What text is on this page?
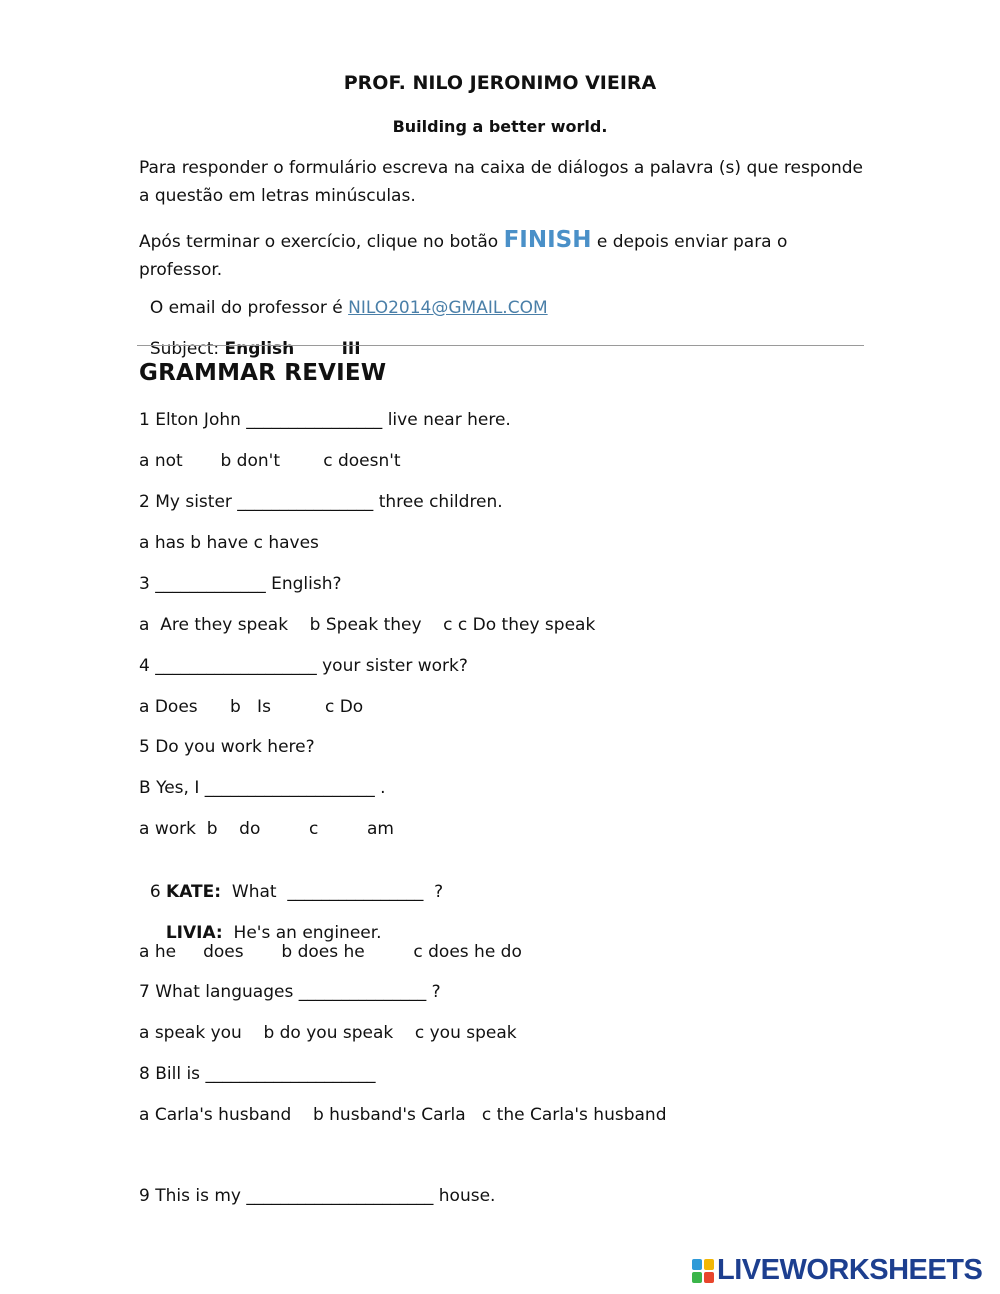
PROF. NILO JERONIMO VIEIRA
Building a better world.
Para responder o formulário escreva na caixa de diálogos a palavra (s) que responde a questão em letras minúsculas.
Após terminar o exercício, clique no botão FINISH e depois enviar para o professor.

O email do professor é NILO2014@GMAIL.COM

Subject: English        III

GRAMMAR REVIEW
1 Elton John ________________ live near here.
a not       b don't        c doesn't
2 My sister ________________ three children.
a has b have c haves
3 _____________ English?
a  Are they speak    b Speak they    c c Do they speak
4 ___________________ your sister work?
a Does      b   Is          c Do
5 Do you work here?
B Yes, I ____________________ .
a work  b    do         c         am

6 KATE:  What  ________________  ?

LIVIA:  He's an engineer.

a he     does       b does he         c does he do
7 What languages _______________ ?
a speak you    b do you speak    c you speak
8 Bill is ____________________
a Carla's husband    b husband's Carla   c the Carla's husband
9 This is my ______________________ house.
LIVEWORKSHEETS
